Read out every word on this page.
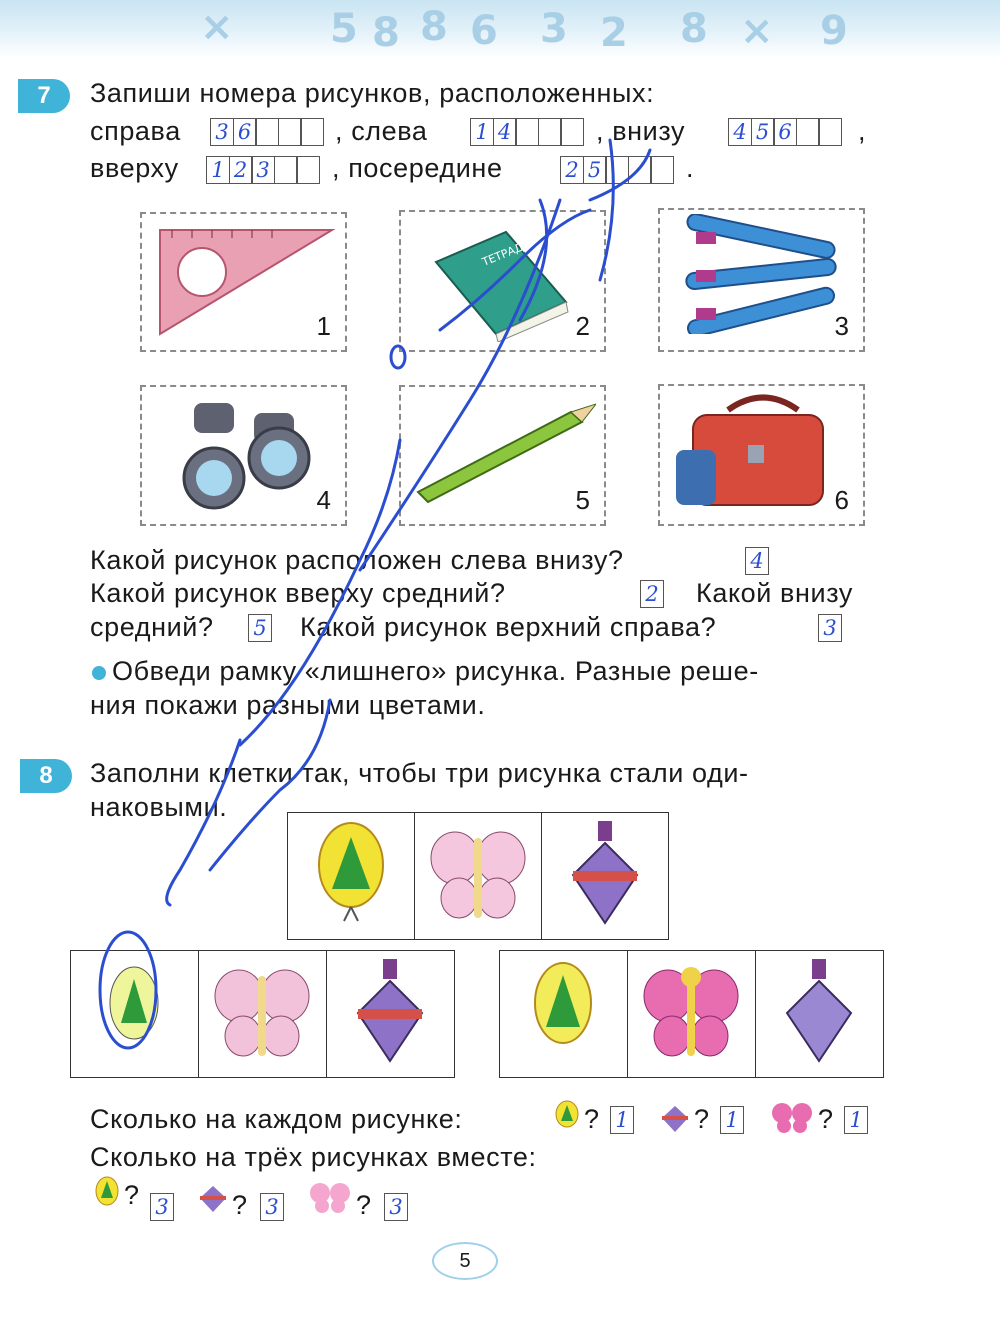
5 8 8 6 3 2 8	9
×	×
7	Запиши номера рисунков, расположенных:
справа 3 6	, слева 1 4	, внизу 4 5 6 ,
вверху 1 2 3 , посередине	2 5	.
1
ТЕТРАДЬ
2	3
4	5	6
Какой рисунок расположен слева внизу?	4
Какой рисунок вверху средний?	2 Какой внизу
средний? 5 Какой рисунок верхний справа?	3
Обведи рамку «лишнего» рисунка. Разные реше-
ния покажи разными цветами.
8	Заполни клетки так, чтобы три рисунка стали оди-
наковыми.
Сколько на каждом рисунке:	? 1 ? 1	? 1
Сколько на трёх рисунках вместе:
? 3 ? 3	? 3
5
